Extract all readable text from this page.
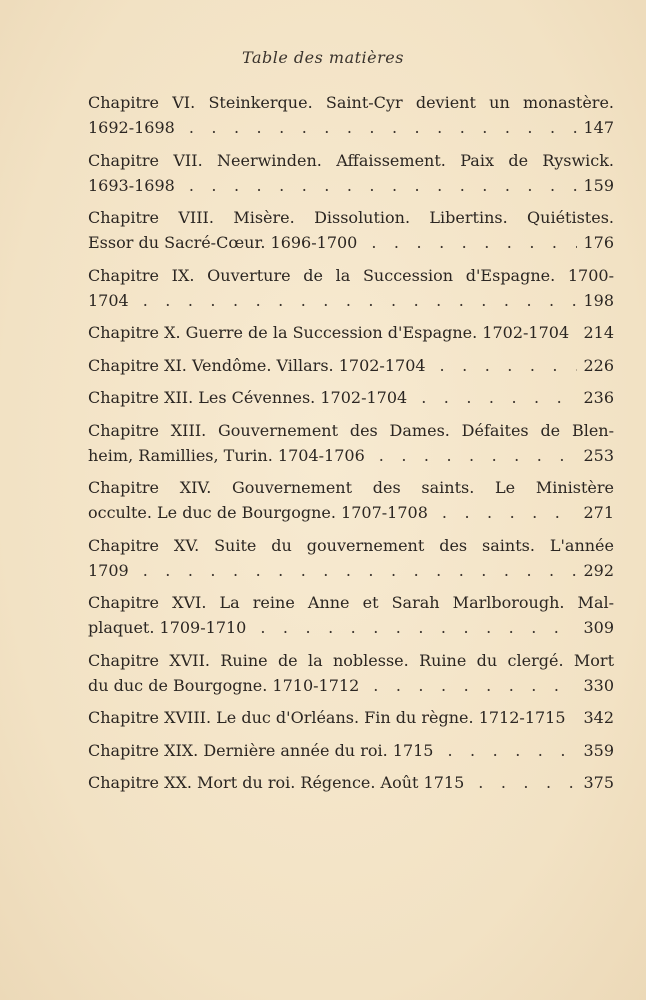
Table des matières
Chapitre VI. Steinkerque. Saint-Cyr devient un monastère.
1692-1698 . . .	147
Chapitre VII. Neerwinden. Affaissement. Paix de Ryswick.
1693-1698 . . .	159
Chapitre VIII. Misère. Dissolution. Libertins. Quiétistes.
Essor du Sacré-Cœur. 1696-1700 . . .	176
Chapitre IX. Ouverture de la Succession d'Espagne. 1700-
1704 . . .	198
Chapitre X. Guerre de la Succession d'Espagne. 1702-1704 214
Chapitre XI. Vendôme. Villars. 1702-1704 . . .	226
Chapitre XII. Les Cévennes. 1702-1704 . . .	236
Chapitre XIII. Gouvernement des Dames. Défaites de Blen-
heim, Ramillies, Turin. 1704-1706 . . .	253
Chapitre XIV. Gouvernement des saints. Le Ministère
occulte. Le duc de Bourgogne. 1707-1708 . . .	271
Chapitre XV. Suite du gouvernement des saints. L'année
1709 . . .	292
Chapitre XVI. La reine Anne et Sarah Marlborough. Mal-
plaquet. 1709-1710 . . .	309
Chapitre XVII. Ruine de la noblesse. Ruine du clergé. Mort
du duc de Bourgogne. 1710-1712 . . .	330
Chapitre XVIII. Le duc d'Orléans. Fin du règne. 1712-1715 342
Chapitre XIX. Dernière année du roi. 1715 . . .	359
Chapitre XX. Mort du roi. Régence. Août 1715 . . .	375
